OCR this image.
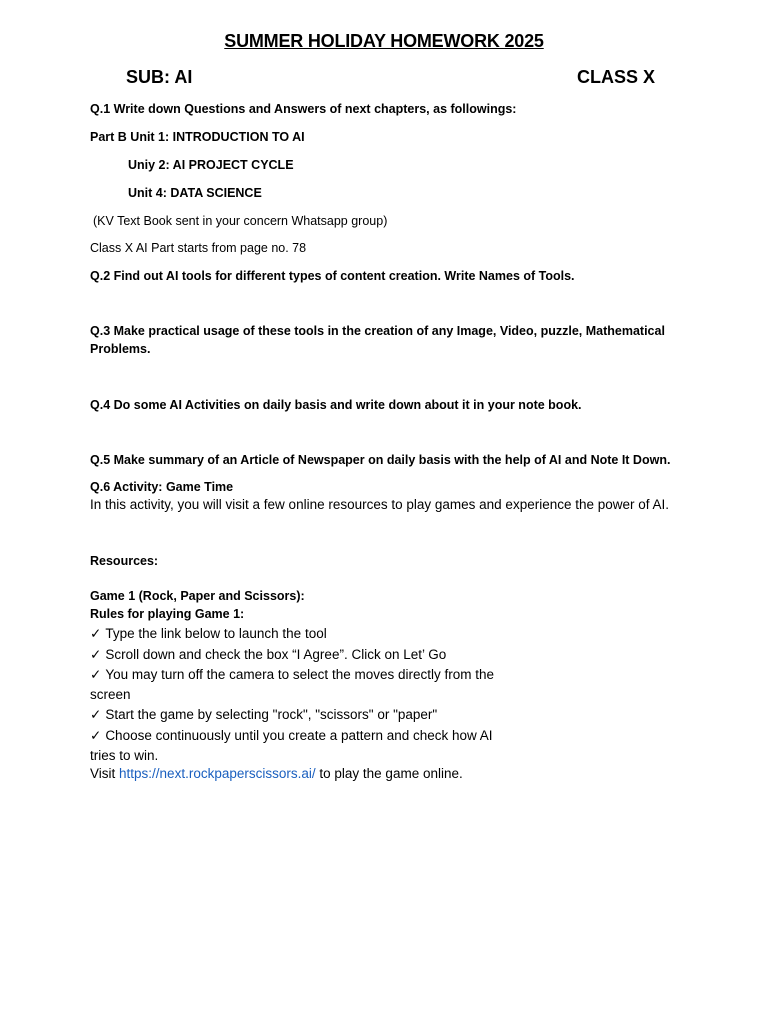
SUMMER HOLIDAY HOMEWORK 2025
SUB: AI	CLASS X
Q.1 Write down Questions and Answers of next chapters, as followings:
Part B Unit 1: INTRODUCTION TO AI
Uniy 2: AI PROJECT CYCLE
Unit 4: DATA SCIENCE
(KV Text Book sent in your concern Whatsapp group)
Class X AI Part starts from page no. 78
Q.2 Find out AI tools for different types of content creation. Write Names of Tools.
Q.3 Make practical usage of these tools in the creation of any Image, Video, puzzle, Mathematical Problems.
Q.4 Do some AI Activities on daily basis and write down about it in your note book.
Q.5 Make summary of an Article of Newspaper on daily basis with the help of AI and Note It Down.
Q.6 Activity: Game Time
In this activity, you will visit a few online resources to play games and experience the power of AI.
Resources:
Game 1 (Rock, Paper and Scissors):
Rules for playing Game 1:
✓ Type the link below to launch the tool
✓ Scroll down and check the box “I Agree”. Click on Let’ Go
✓ You may turn off the camera to select the moves directly from the screen
✓ Start the game by selecting "rock", "scissors" or "paper"
✓ Choose continuously until you create a pattern and check how AI tries to win.
Visit https://next.rockpaperscissors.ai/ to play the game online.
